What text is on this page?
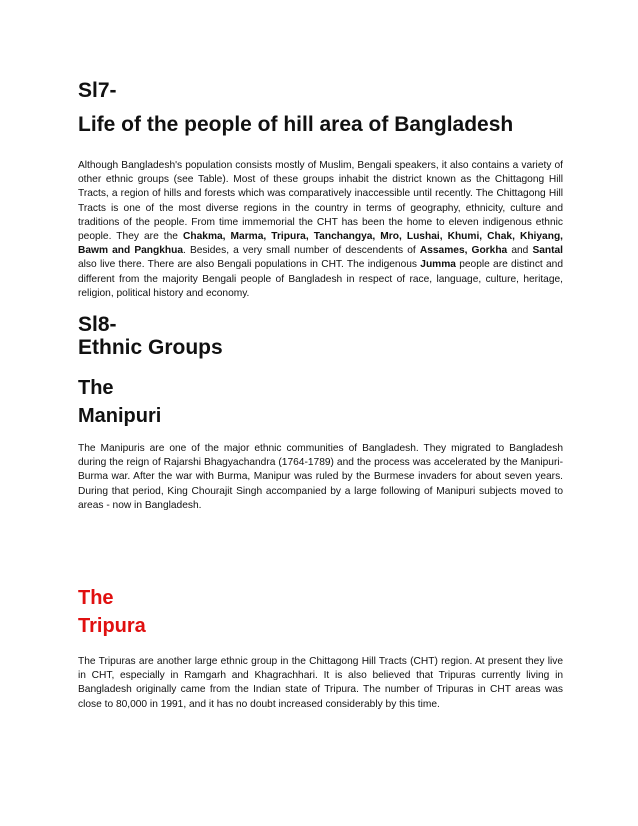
Sl7-
Life of the people of hill area of Bangladesh
Although Bangladesh's population consists mostly of Muslim, Bengali speakers, it also contains a variety of other ethnic groups (see Table). Most of these groups inhabit the district known as the Chittagong Hill Tracts, a region of hills and forests which was comparatively inaccessible until recently. The Chittagong Hill Tracts is one of the most diverse regions in the country in terms of geography, ethnicity, culture and traditions of the people. From time immemorial the CHT has been the home to eleven indigenous ethnic people. They are the Chakma, Marma, Tripura, Tanchangya, Mro, Lushai, Khumi, Chak, Khiyang, Bawm and Pangkhua. Besides, a very small number of descendents of Assames, Gorkha and Santal also live there. There are also Bengali populations in CHT. The indigenous Jumma people are distinct and different from the majority Bengali people of Bangladesh in respect of race, language, culture, heritage, religion, political history and economy.
Sl8-
Ethnic Groups
The
Manipuri
The Manipuris are one of the major ethnic communities of Bangladesh. They migrated to Bangladesh during the reign of Rajarshi Bhagyachandra (1764-1789) and the process was accelerated by the Manipuri-Burma war. After the war with Burma, Manipur was ruled by the Burmese invaders for about seven years. During that period, King Chourajit Singh accompanied by a large following of Manipuri subjects moved to areas - now in Bangladesh.
The
Tripura
The Tripuras are another large ethnic group in the Chittagong Hill Tracts (CHT) region. At present they live in CHT, especially in Ramgarh and Khagrachhari. It is also believed that Tripuras currently living in Bangladesh originally came from the Indian state of Tripura. The number of Tripuras in CHT areas was close to 80,000 in 1991, and it has no doubt increased considerably by this time.
